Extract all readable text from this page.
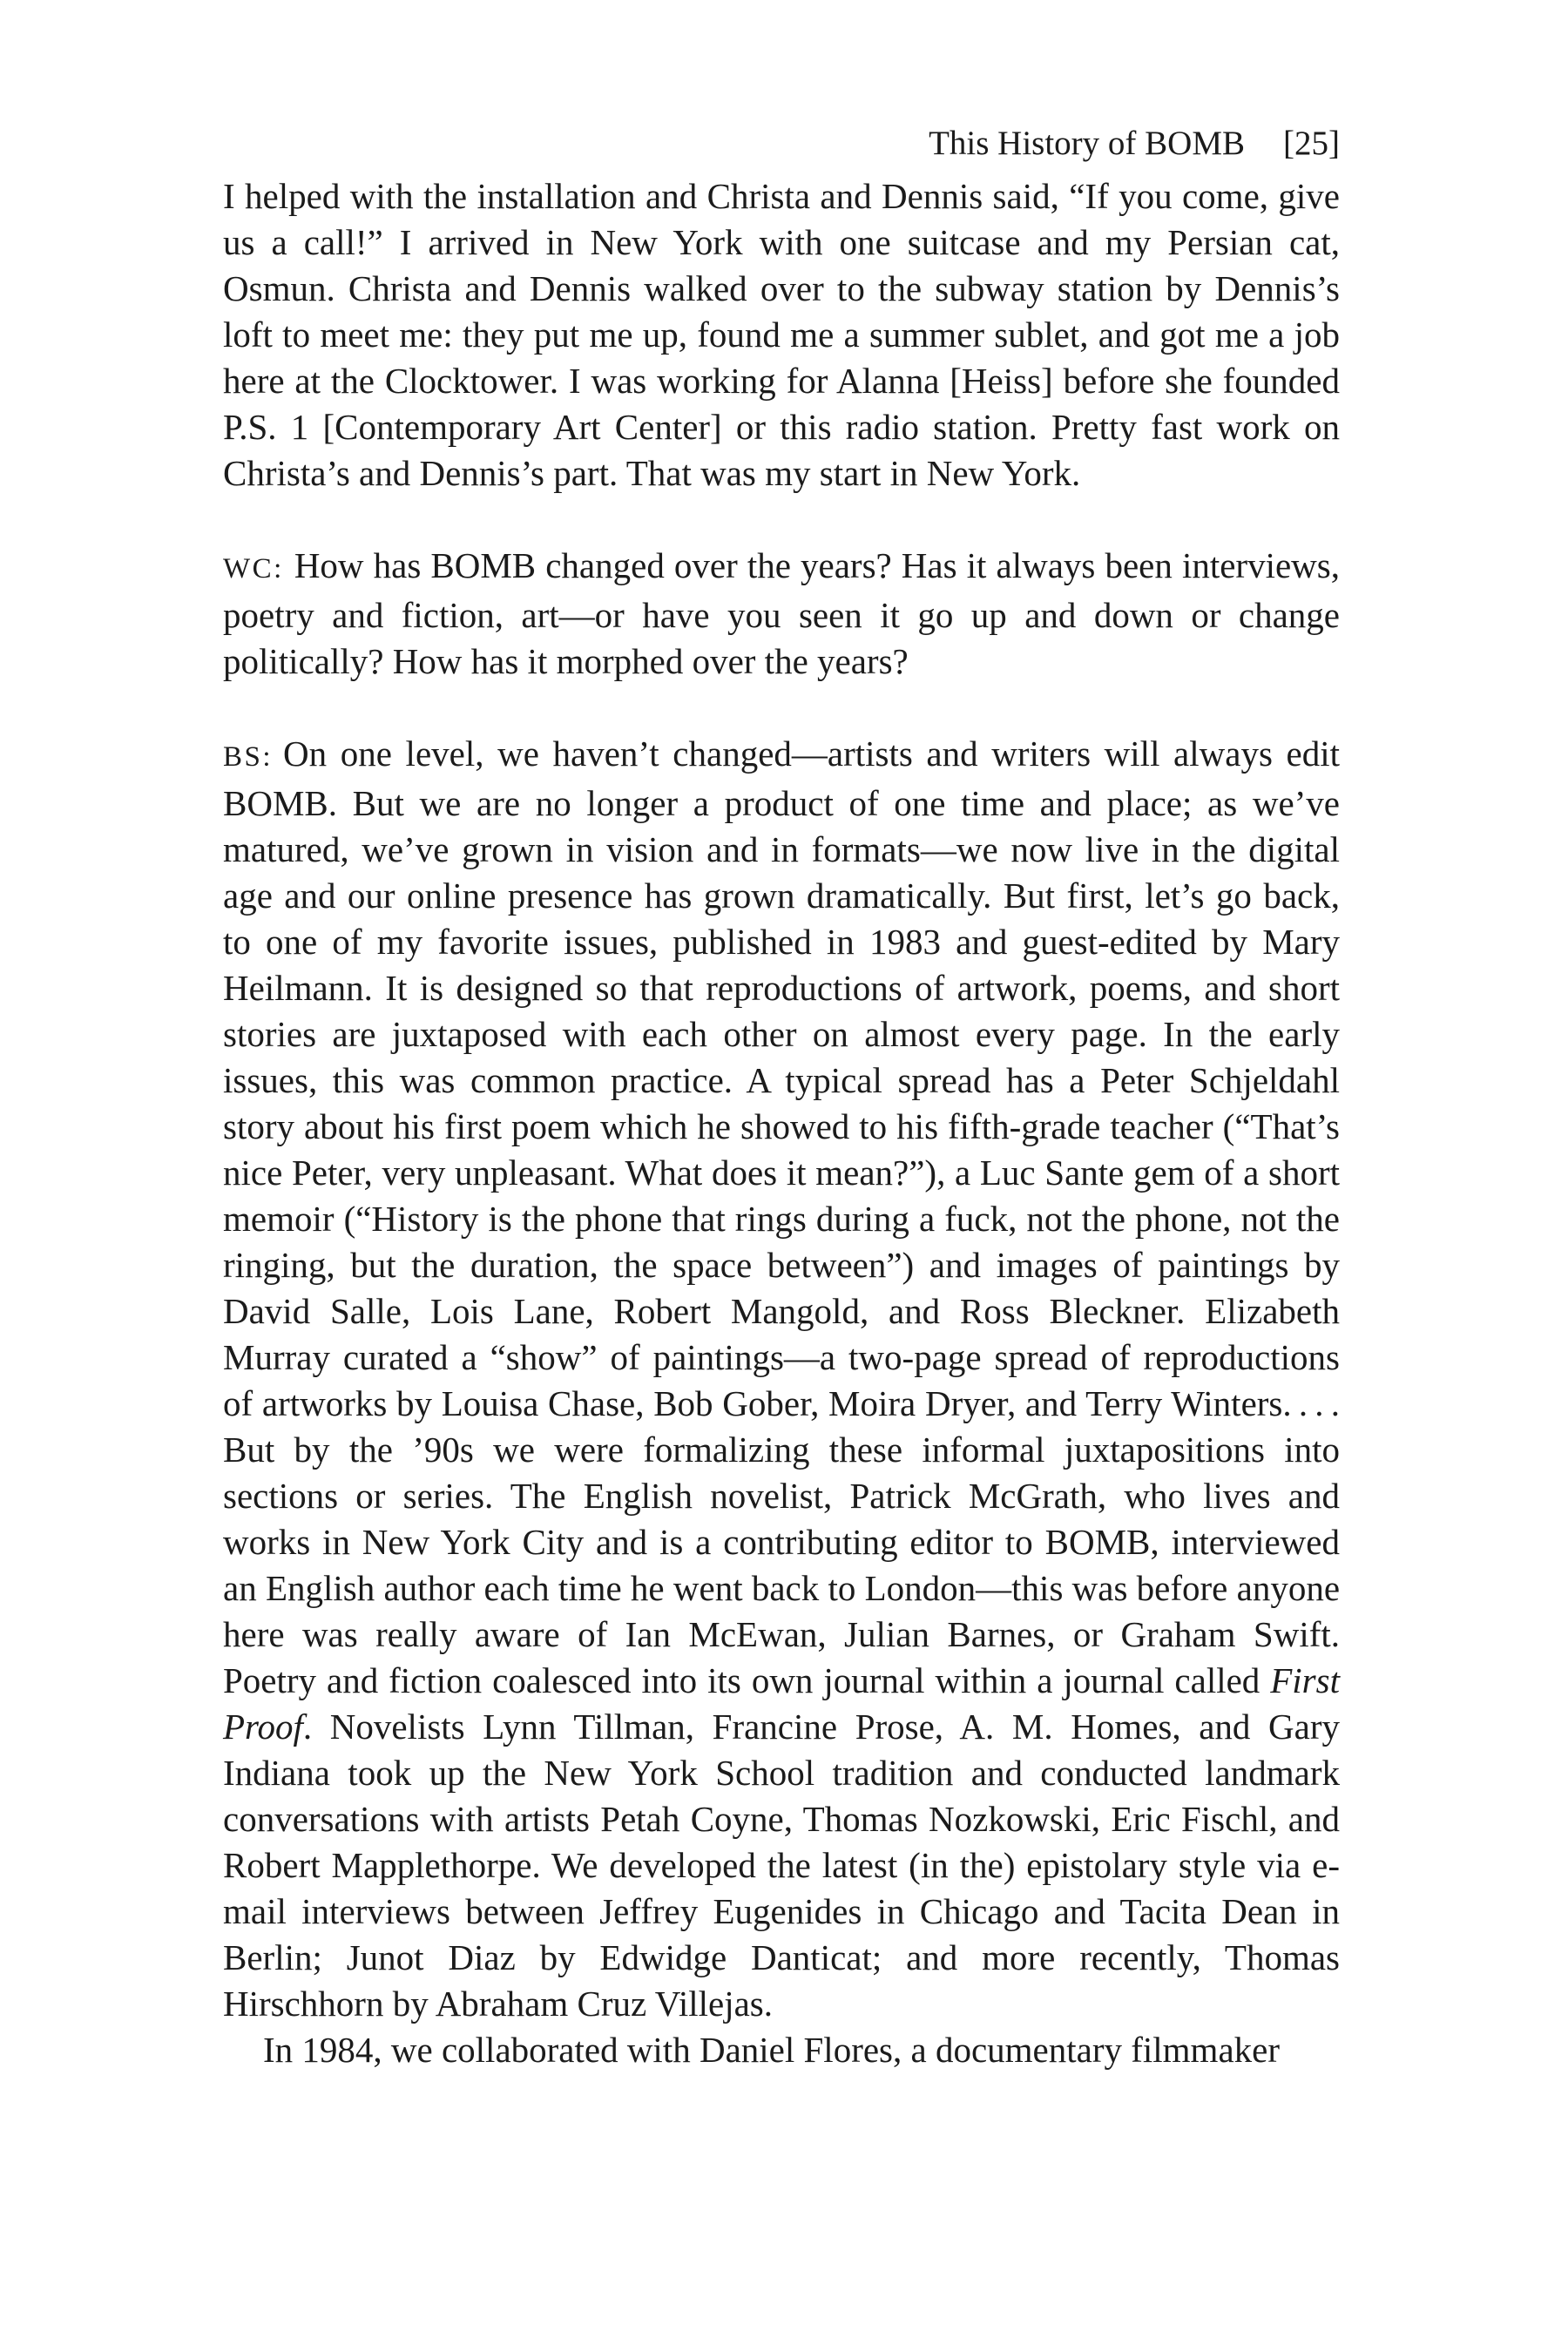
This History of BOMB [25]

I helped with the installation and Christa and Dennis said, “If you come, give us a call!” I arrived in New York with one suitcase and my Persian cat, Osmun. Christa and Dennis walked over to the subway station by Dennis’s loft to meet me: they put me up, found me a summer sublet, and got me a job here at the Clocktower. I was working for Alanna [Heiss] before she founded P.S. 1 [Contemporary Art Center] or this radio station. Pretty fast work on Christa’s and Dennis’s part. That was my start in New York.

WC: How has BOMB changed over the years? Has it always been interviews, poetry and fiction, art—or have you seen it go up and down or change politically? How has it morphed over the years?

BS: On one level, we haven’t changed—artists and writers will always edit BOMB. But we are no longer a product of one time and place; as we’ve matured, we’ve grown in vision and in formats—we now live in the digital age and our online presence has grown dramatically. But first, let’s go back, to one of my favorite issues, published in 1983 and guest-edited by Mary Heilmann. It is designed so that reproductions of artwork, poems, and short stories are juxtaposed with each other on almost every page. In the early issues, this was common practice. A typical spread has a Peter Schjeldahl story about his first poem which he showed to his fifth-grade teacher (“That’s nice Peter, very unpleasant. What does it mean?”), a Luc Sante gem of a short memoir (“History is the phone that rings during a fuck, not the phone, not the ringing, but the duration, the space between”) and images of paintings by David Salle, Lois Lane, Robert Mangold, and Ross Bleckner. Elizabeth Murray curated a “show” of paintings—a two-page spread of reproductions of artworks by Louisa Chase, Bob Gober, Moira Dryer, and Terry Winters. . . . But by the ’90s we were formalizing these informal juxtapositions into sections or series. The English novelist, Patrick McGrath, who lives and works in New York City and is a contributing editor to BOMB, interviewed an English author each time he went back to London—this was before anyone here was really aware of Ian McEwan, Julian Barnes, or Graham Swift. Poetry and fiction coalesced into its own journal within a journal called First Proof. Novelists Lynn Tillman, Francine Prose, A. M. Homes, and Gary Indiana took up the New York School tradition and conducted landmark conversations with artists Petah Coyne, Thomas Nozkowski, Eric Fischl, and Robert Mapplethorpe. We developed the latest (in the) epistolary style via e-mail interviews between Jeffrey Eugenides in Chicago and Tacita Dean in Berlin; Junot Diaz by Edwidge Danticat; and more recently, Thomas Hirschhorn by Abraham Cruz Villejas.

In 1984, we collaborated with Daniel Flores, a documentary filmmaker
